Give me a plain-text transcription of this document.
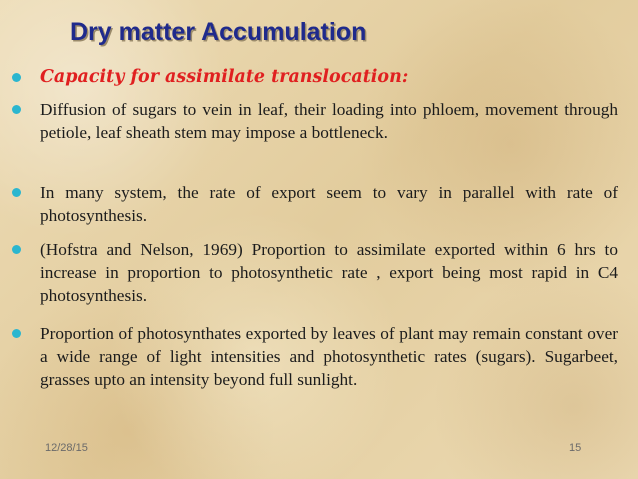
Dry matter Accumulation
Capacity for assimilate translocation:
Diffusion of sugars to vein in leaf, their loading into phloem, movement through petiole, leaf sheath stem may impose a bottleneck.
In many system, the rate of export seem to vary in parallel with rate of photosynthesis.
(Hofstra and Nelson, 1969) Proportion to assimilate exported within 6 hrs to increase in proportion to photosynthetic rate , export being most rapid in C4 photosynthesis.
Proportion of photosynthates exported by leaves of plant may remain constant over a wide range of light intensities and photosynthetic rates (sugars). Sugarbeet, grasses upto an intensity beyond full sunlight.
12/28/15	15
